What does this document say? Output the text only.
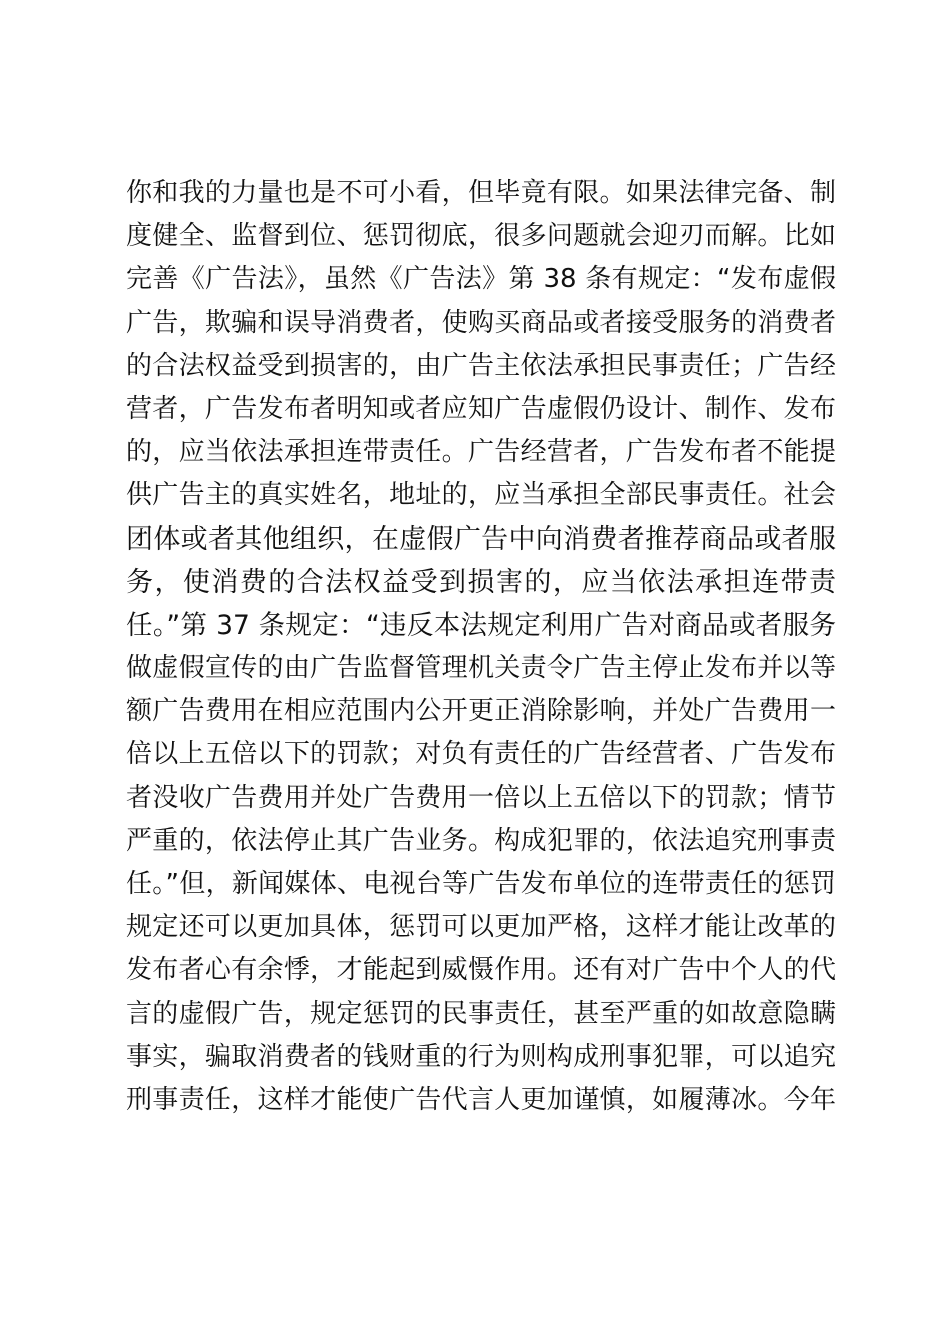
你和我的力量也是不可小看，但毕竟有限。如果法律完备、制
度健全、监督到位、惩罚彻底，很多问题就会迎刃而解。比如
完善《广告法》，虽然《广告法》第 38 条有规定：“发布虚假
广告，欺骗和误导消费者，使购买商品或者接受服务的消费者
的合法权益受到损害的，由广告主依法承担民事责任；广告经
营者，广告发布者明知或者应知广告虚假仍设计、制作、发布
的，应当依法承担连带责任。广告经营者，广告发布者不能提
供广告主的真实姓名，地址的，应当承担全部民事责任。社会
团体或者其他组织，在虚假广告中向消费者推荐商品或者服
务，使消费的合法权益受到损害的，应当依法承担连带责
任。”第 37 条规定：“违反本法规定利用广告对商品或者服务
做虚假宣传的由广告监督管理机关责令广告主停止发布并以等
额广告费用在相应范围内公开更正消除影响，并处广告费用一
倍以上五倍以下的罚款；对负有责任的广告经营者、广告发布
者没收广告费用并处广告费用一倍以上五倍以下的罚款；情节
严重的，依法停止其广告业务。构成犯罪的，依法追究刑事责
任。”但，新闻媒体、电视台等广告发布单位的连带责任的惩罚
规定还可以更加具体，惩罚可以更加严格，这样才能让改革的
发布者心有余悸，才能起到威慑作用。还有对广告中个人的代
言的虚假广告，规定惩罚的民事责任，甚至严重的如故意隐瞒
事实，骗取消费者的钱财重的行为则构成刑事犯罪，可以追究
刑事责任，这样才能使广告代言人更加谨慎，如履薄冰。今年
